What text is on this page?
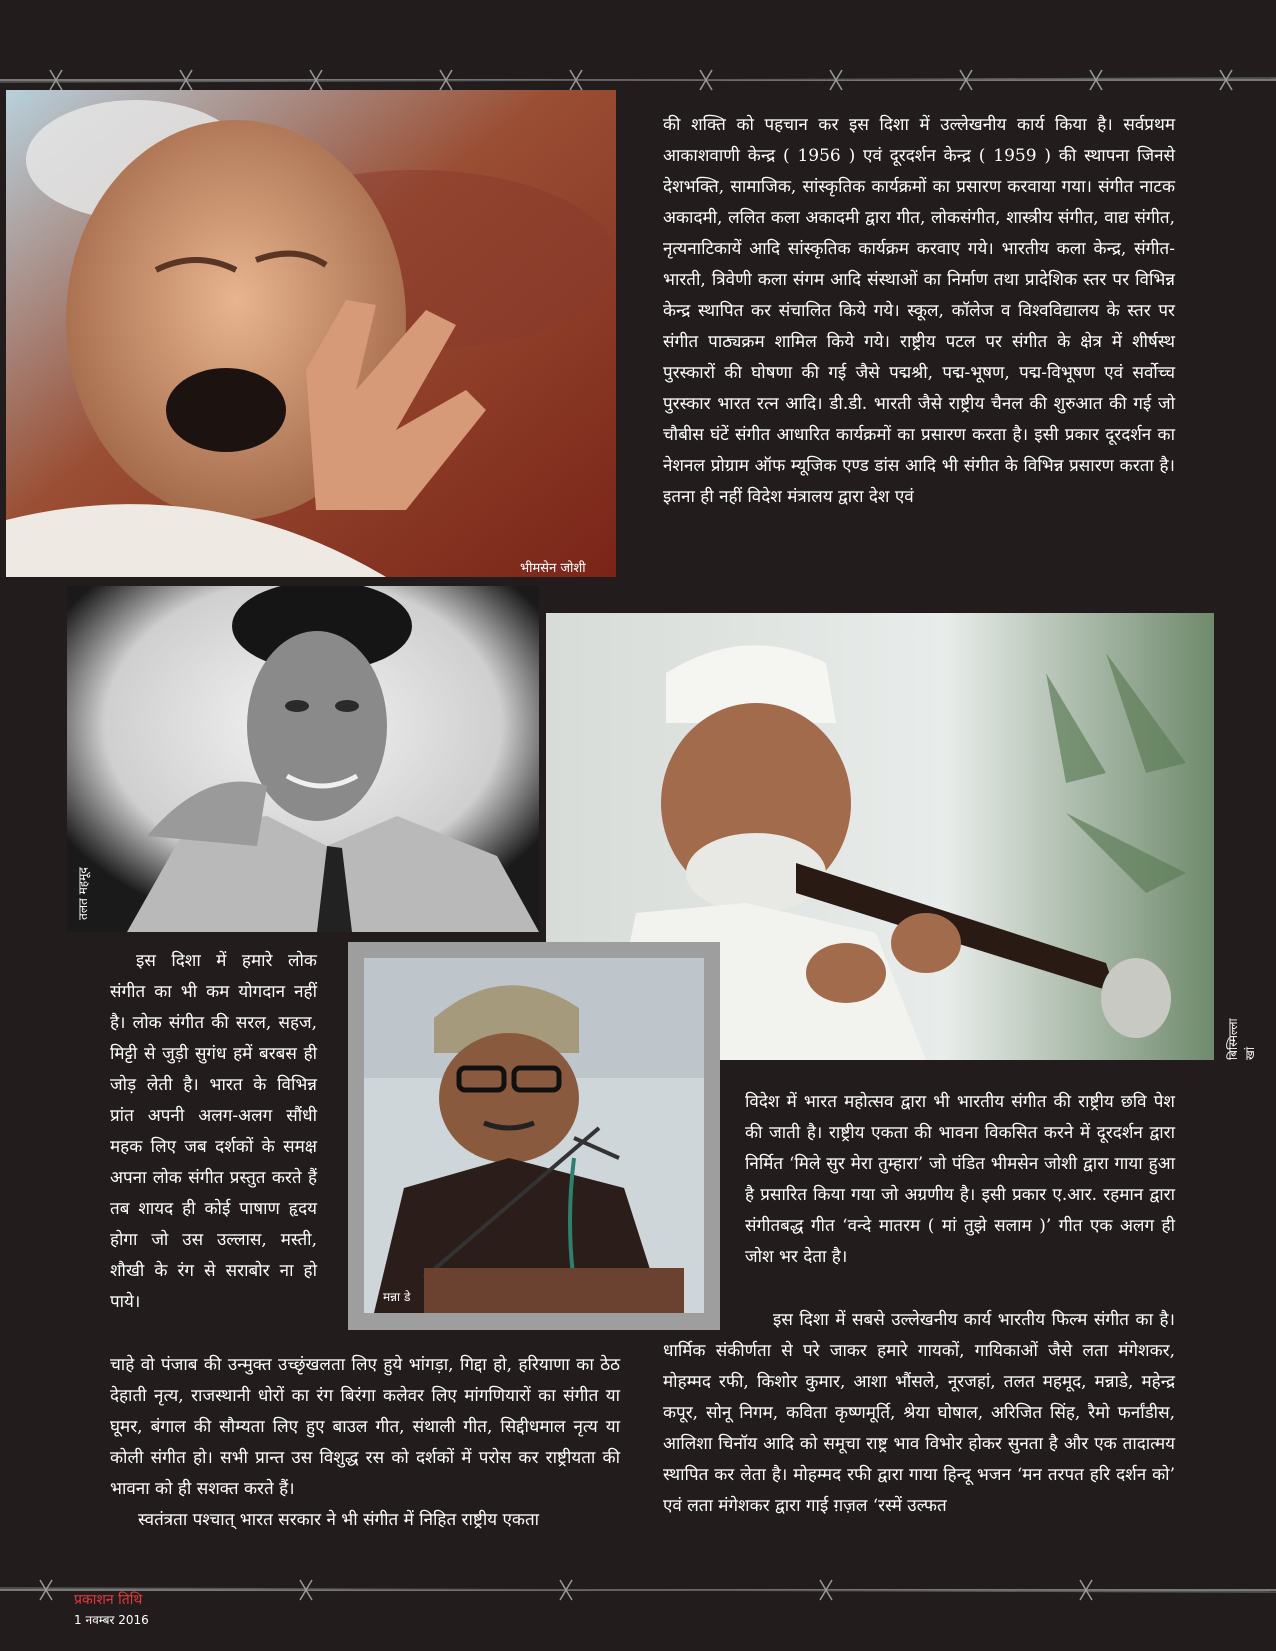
भीमसेन जोशी

की शक्ति को पहचान कर इस दिशा में उल्लेखनीय कार्य किया है। सर्वप्रथम आकाशवाणी केन्द्र ( 1956 ) एवं दूरदर्शन केन्द्र ( 1959 ) की स्थापना जिनसे देशभक्ति, सामाजिक, सांस्कृतिक कार्यक्रमों का प्रसारण करवाया गया। संगीत नाटक अकादमी, ललित कला अकादमी द्वारा गीत, लोकसंगीत, शास्त्रीय संगीत, वाद्य संगीत, नृत्यनाटिकायें आदि सांस्कृतिक कार्यक्रम करवाए गये। भारतीय कला केन्द्र, संगीत-भारती, त्रिवेणी कला संगम आदि संस्थाओं का निर्माण तथा प्रादेशिक स्तर पर विभिन्न केन्द्र स्थापित कर संचालित किये गये। स्कूल, कॉलेज व विश्वविद्यालय के स्तर पर संगीत पाठ्यक्रम शामिल किये गये। राष्ट्रीय पटल पर संगीत के क्षेत्र में शीर्षस्थ पुरस्कारों की घोषणा की गई जैसे पद्मश्री, पद्म-भूषण, पद्म-विभूषण एवं सर्वोच्च पुरस्कार भारत रत्न आदि। डी.डी. भारती जैसे राष्ट्रीय चैनल की शुरुआत की गई जो चौबीस घंटें संगीत आधारित कार्यक्रमों का प्रसारण करता है। इसी प्रकार दूरदर्शन का नेशनल प्रोग्राम ऑफ म्यूजिक एण्ड डांस आदि भी संगीत के विभिन्न प्रसारण करता है। इतना ही नहीं विदेश मंत्रालय द्वारा देश एवं

तलत महमूद
बिस्मिल्ला खां
मन्ना डे

इस दिशा में हमारे लोक संगीत का भी कम योगदान नहीं है। लोक संगीत की सरल, सहज, मिट्टी से जुड़ी सुगंध हमें बरबस ही जोड़ लेती है। भारत के विभिन्न प्रांत अपनी अलग-अलग सौंधी महक लिए जब दर्शकों के समक्ष अपना लोक संगीत प्रस्तुत करते हैं तब शायद ही कोई पाषाण हृदय होगा जो उस उल्लास, मस्ती, शौखी के रंग से सराबोर ना हो पाये।

चाहे वो पंजाब की उन्मुक्त उच्छृंखलता लिए हुये भांगड़ा, गिद्दा हो, हरियाणा का ठेठ देहाती नृत्य, राजस्थानी धोरों का रंग बिरंगा कलेवर लिए मांगणियारों का संगीत या घूमर, बंगाल की सौम्यता लिए हुए बाउल गीत, संथाली गीत, सिद्दीधमाल नृत्य या कोली संगीत हो। सभी प्रान्त उस विशुद्ध रस को दर्शकों में परोस कर राष्ट्रीयता की भावना को ही सशक्त करते हैं।

स्वतंत्रता पश्चात् भारत सरकार ने भी संगीत में निहित राष्ट्रीय एकता

विदेश में भारत महोत्सव द्वारा भी भारतीय संगीत की राष्ट्रीय छवि पेश की जाती है। राष्ट्रीय एकता की भावना विकसित करने में दूरदर्शन द्वारा निर्मित ‘मिले सुर मेरा तुम्हारा’ जो पंडित भीमसेन जोशी द्वारा गाया हुआ है प्रसारित किया गया जो अग्रणीय है। इसी प्रकार ए.आर. रहमान द्वारा संगीतबद्ध गीत ‘वन्दे मातरम ( मां तुझे सलाम )’ गीत एक अलग ही जोश भर देता है।

इस दिशा में सबसे उल्लेखनीय कार्य भारतीय फिल्म संगीत का है। धार्मिक संकीर्णता से परे जाकर हमारे गायकों, गायिकाओं जैसे लता मंगेशकर, मोहम्मद रफी, किशोर कुमार, आशा भौंसले, नूरजहां, तलत महमूद, मन्नाडे, महेन्द्र कपूर, सोनू निगम, कविता कृष्णमूर्ति, श्रेया घोषाल, अरिजित सिंह, रैमो फर्नांडीस, आलिशा चिनॉय आदि को समूचा राष्ट्र भाव विभोर होकर सुनता है और एक तादात्मय स्थापित कर लेता है। मोहम्मद रफी द्वारा गाया हिन्दू भजन ‘मन तरपत हरि दर्शन को’ एवं लता मंगेशकर द्वारा गाई ग़ज़ल ‘रस्में उल्फत

प्रकाशन तिथि
1 नवम्बर 2016
